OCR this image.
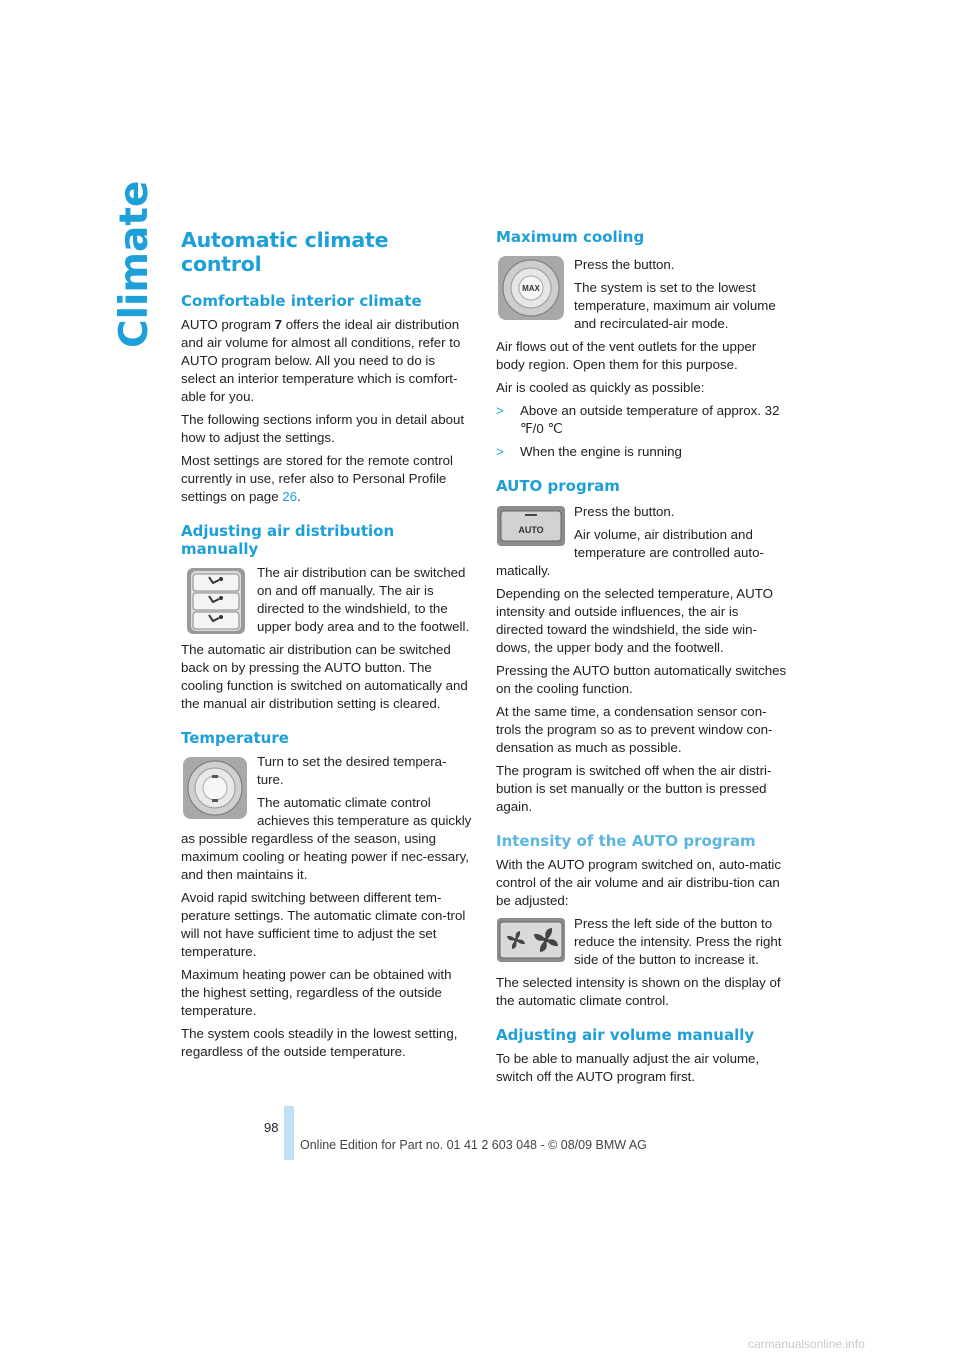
Climate Automatic climate control
Comfortable interior climate

AUTO program 7 offers the ideal air distribution and air volume for almost all conditions, refer to AUTO program below. All you need to do is select an interior temperature which is comfort-able for you.

The following sections inform you in detail about how to adjust the settings.

Most settings are stored for the remote control currently in use, refer also to Personal Profile settings on page 26.

Adjusting air distribution manually

The air distribution can be switched on and off manually. The air is directed to the windshield, to the upper body area and to the footwell.

The automatic air distribution can be switched back on by pressing the AUTO button. The cooling function is switched on automatically and the manual air distribution setting is cleared.

Temperature

Turn to set the desired tempera-ture.

The automatic climate control achieves this temperature as quickly as possible regardless of the season, using maximum cooling or heating power if nec-essary, and then maintains it.

Avoid rapid switching between different tem-perature settings. The automatic climate con-trol will not have sufficient time to adjust the set temperature.

Maximum heating power can be obtained with the highest setting, regardless of the outside temperature.

The system cools steadily in the lowest setting, regardless of the outside temperature.

Maximum cooling
MAX

Press the button.

The system is set to the lowest temperature, maximum air volume and recirculated-air mode.

Air flows out of the vent outlets for the upper body region. Open them for this purpose.

Air is cooled as quickly as possible:

> Above an outside temperature of approx. 32 ℉/0 ℃
> When the engine is running
AUTO program
AUTO

Press the button.

Air volume, air distribution and temperature are controlled auto-matically.

Depending on the selected temperature, AUTO intensity and outside influences, the air is directed toward the windshield, the side win-dows, the upper body and the footwell.

Pressing the AUTO button automatically switches on the cooling function.

At the same time, a condensation sensor con-trols the program so as to prevent window con-densation as much as possible.

The program is switched off when the air distri-bution is set manually or the button is pressed again.

Intensity of the AUTO program

With the AUTO program switched on, auto-matic control of the air volume and air distribu-tion can be adjusted:

Press the left side of the button to reduce the intensity. Press the right side of the button to increase it.

The selected intensity is shown on the display of the automatic climate control.

Adjusting air volume manually

To be able to manually adjust the air volume, switch off the AUTO program first.

98
Online Edition for Part no. 01 41 2 603 048 - © 08/09 BMW AG
carmanualsonline.info
